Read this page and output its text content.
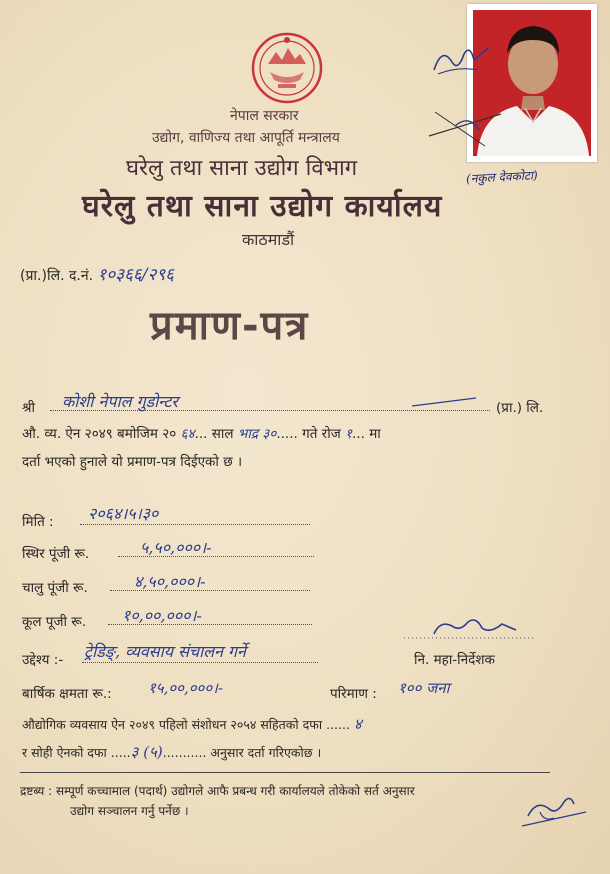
नेपाल सरकार
उद्योग, वाणिज्य तथा आपूर्ति मन्त्रालय
घरेलु तथा साना उद्योग विभाग	(नकुल देवकोटा)
घरेलु तथा साना उद्योग कार्यालय
काठमाडौं
(प्रा.)लि. द.नं. १०३६६/२९६
प्रमाण-पत्र
श्री कोशी नेपाल गुडोन्टर	(प्रा.) लि.
औ. व्य. ऐन २०४९ बमोजिम २० ६४... साल भाद्र ३०..... गते रोज १... मा
दर्ता भएको हुनाले यो प्रमाण-पत्र दिईएको छ ।
मिति : २०६४।५।३०
स्थिर पूंजी रू.	५,५०,०००।-
चालु पूंजी रू.	४,५०,०००।-
कूल पूजी रू. १०,००,०००।-
उद्देश्य :- ट्रेडिङ्, व्यवसाय संचालन गर्ने	नि. महा-निर्देशक
बार्षिक क्षमता रू.: १५,००,०००।-	परिमाण : १०० जना
औद्योगिक व्यवसाय ऐन २०४९ पहिलो संशोधन २०५४ सहितको दफा ...... ४
र सोही ऐनको दफा .....३ (५)........... अनुसार दर्ता गरिएकोछ ।
द्रष्टब्य : सम्पूर्ण कच्चामाल (पदार्थ) उद्योगले आफै प्रबन्ध गरी कार्यालयले तोकेको सर्त अनुसार
उद्योग सञ्चालन गर्नु पर्नेछ ।
